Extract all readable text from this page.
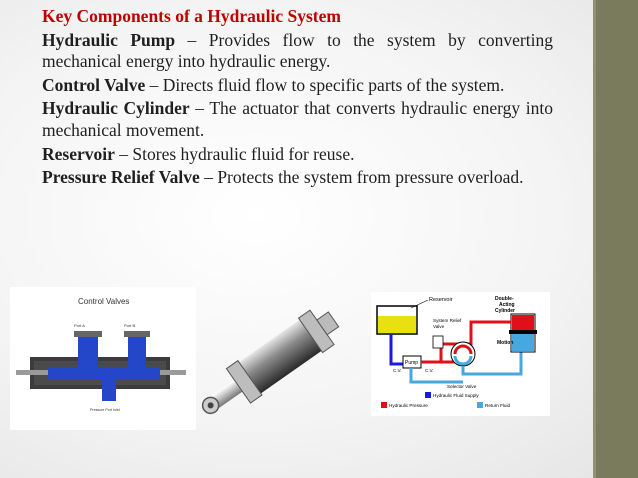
Key Components of a Hydraulic System
Hydraulic Pump – Provides flow to the system by converting mechanical energy into hydraulic energy.
Control Valve – Directs fluid flow to specific parts of the system.
Hydraulic Cylinder – The actuator that converts hydraulic energy into mechanical movement.
Reservoir – Stores hydraulic fluid for reuse.
Pressure Relief Valve – Protects the system from pressure overload.
Control Valves
Port A	Port B
Pressure Port Inlet
Reservoir
Pump
System Relief
Valve
Double-
Acting
Cylinder
Motion
C.V.	C.V.
Selector Valve
Hydraulic Fluid Supply
Hydraulic Pressure	Return Fluid
